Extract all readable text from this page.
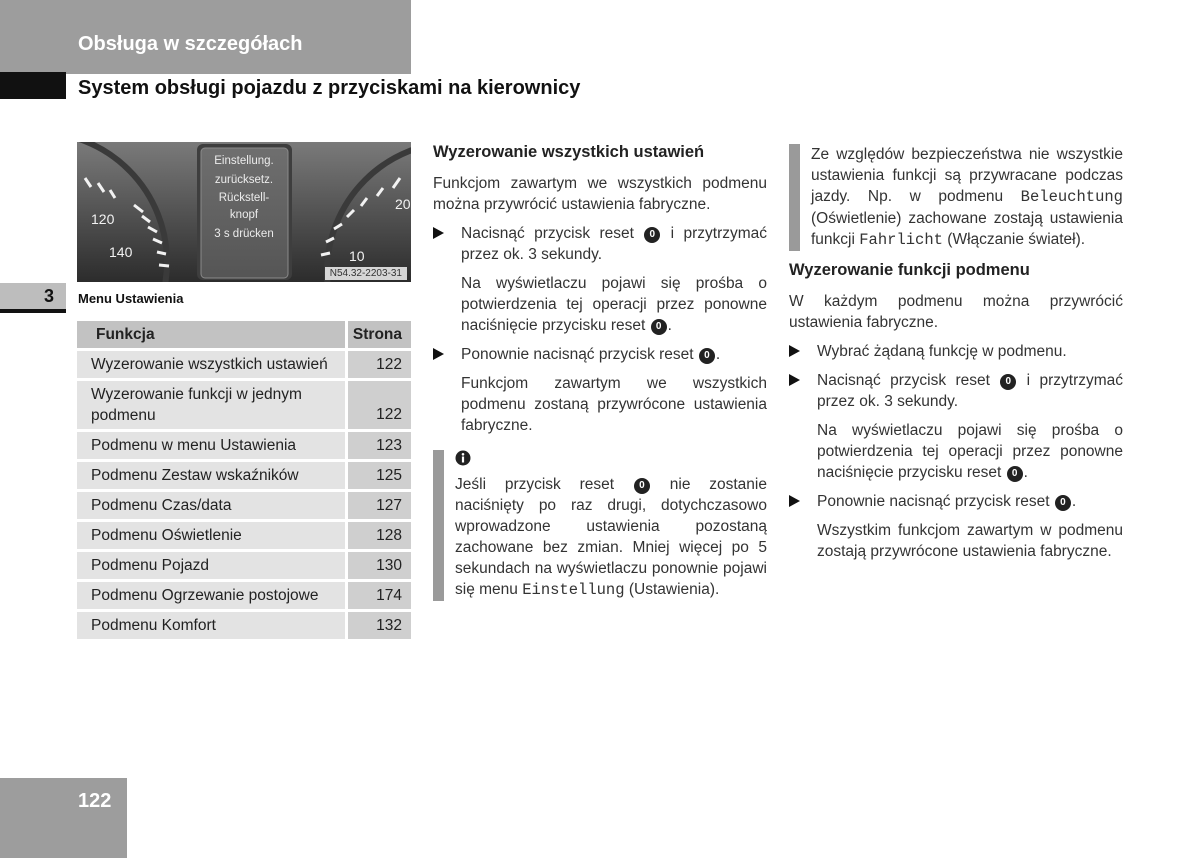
Obsługa w szczegółach
System obsługi pojazdu z przyciskami na kierownicy
120
140
20
10
Einstellung.
zurücksetz.
Rückstell-
knopf
3 s drücken
N54.32-2203-31
3 Menu Ustawienia
Funkcja	Strona
Wyzerowanie wszystkich ustawień	122
Wyzerowanie funkcji w jednym podmenu	122
Podmenu w menu Ustawienia	123
Podmenu Zestaw wskaźników	125
Podmenu Czas/data	127
Podmenu Oświetlenie	128
Podmenu Pojazd	130
Podmenu Ogrzewanie postojowe	174
Podmenu Komfort	132
Wyzerowanie wszystkich ustawień

Funkcjom zawartym we wszystkich podmenu można przywrócić ustawienia fabryczne.

Nacisnąć przycisk reset 0 i przytrzymać przez ok. 3 sekundy.
Na wyświetlaczu pojawi się prośba o potwierdzenia tej operacji przez ponowne naciśnięcie przycisku reset 0 .
Ponownie nacisnąć przycisk reset 0 .
Funkcjom zawartym we wszystkich podmenu zostaną przywrócone ustawienia fabryczne.
Jeśli przycisk reset	0 nie zostanie naciśnięty po raz drugi, dotychczasowo wprowadzone ustawienia pozostaną zachowane bez zmian. Mniej więcej po 5 sekundach na wyświetlaczu ponownie pojawi się menu Einstellung (Ustawienia).
Ze względów bezpieczeństwa nie wszystkie ustawienia funkcji są przywracane podczas jazdy. Np. w podmenu Beleuchtung (Oświetlenie) zachowane zostają ustawienia funkcji Fahrlicht (Włączanie świateł).
Wyzerowanie funkcji podmenu

W każdym podmenu można przywrócić ustawienia fabryczne.

Wybrać żądaną funkcję w podmenu.
Nacisnąć przycisk reset 0 i przytrzymać przez ok. 3 sekundy.
Na wyświetlaczu pojawi się prośba o potwierdzenia tej operacji przez ponowne naciśnięcie przycisku reset 0 .
Ponownie nacisnąć przycisk reset 0 .
Wszystkim funkcjom zawartym w podmenu zostają przywrócone ustawienia fabryczne.
122
